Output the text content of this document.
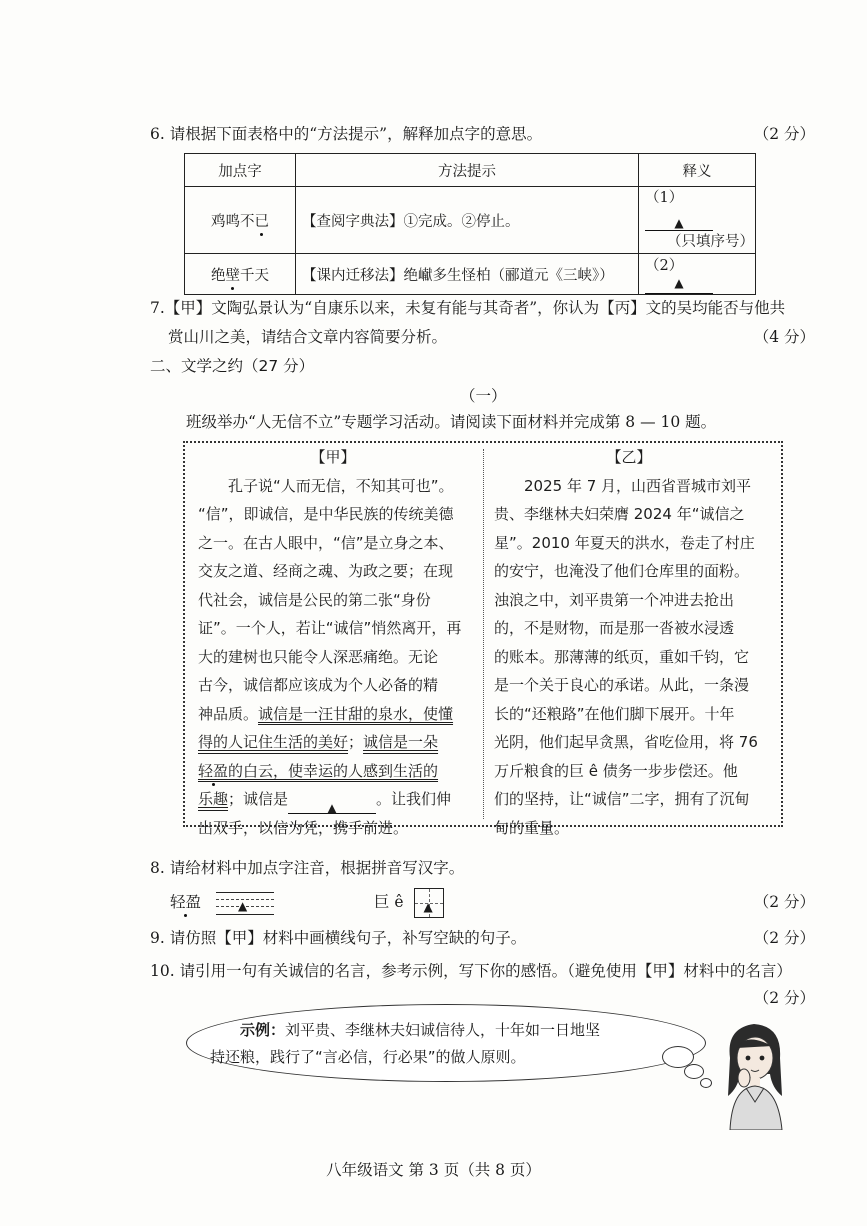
6. 请根据下面表格中的“方法提示”，解释加点字的意思。	（2 分）
加点字	方法提示	释义
鸡鸣不已	【查阅字典法】①完成。②停止。	（1）▲
（只填序号）
绝壁千天	【课内迁移法】绝𪩘多生怪柏（郦道元《三峡》）	（2）▲
7.【甲】文陶弘景认为“自康乐以来，未复有能与其奇者”，你认为【丙】文的吴均能否与他共
赏山川之美，请结合文章内容简要分析。	（4 分）
二、文学之约（27 分）
（一）
班级举办“人无信不立”专题学习活动。请阅读下面材料并完成第 8 — 10 题。

【甲】

孔子说“人而无信，不知其可也”。

“信”，即诚信，是中华民族的传统美德

之一。在古人眼中，“信”是立身之本、

交友之道、经商之魂、为政之要；在现

代社会，诚信是公民的第二张“身份

证”。一个人，若让“诚信”悄然离开，再

大的建树也只能令人深恶痛绝。无论

古今，诚信都应该成为个人必备的精

神品质。诚信是一汪甘甜的泉水，使懂

得的人记住生活的美好；诚信是一朵

轻盈的白云，使幸运的人感到生活的

乐趣；诚信是	▲	。让我们伸

出双手，以信为凭，携手前进。

【乙】

2025 年 7 月，山西省晋城市刘平

贵、李继林夫妇荣膺 2024 年“诚信之

星”。2010 年夏天的洪水，卷走了村庄

的安宁，也淹没了他们仓库里的面粉。

浊浪之中，刘平贵第一个冲进去抢出

的，不是财物，而是那一沓被水浸透

的账本。那薄薄的纸页，重如千钧，它

是一个关于良心的承诺。从此，一条漫

长的“还粮路”在他们脚下展开。十年

光阴，他们起早贪黑，省吃俭用，将 76

万斤粮食的巨 ê 债务一步步偿还。他

们的坚持，让“诚信”二字，拥有了沉甸

甸的重量。

8. 请给材料中加点字注音，根据拼音写汉字。
轻盈	▲	巨 ê ▲	（2 分）
9. 请仿照【甲】材料中画横线句子，补写空缺的句子。	（2 分）
10. 请引用一句有关诚信的名言，参考示例，写下你的感悟。（避免使用【甲】材料中的名言）
（2 分）
示例：刘平贵、李继林夫妇诚信待人，十年如一日地坚
持还粮，践行了“言必信，行必果”的做人原则。
八年级语文 第 3 页（共 8 页）
